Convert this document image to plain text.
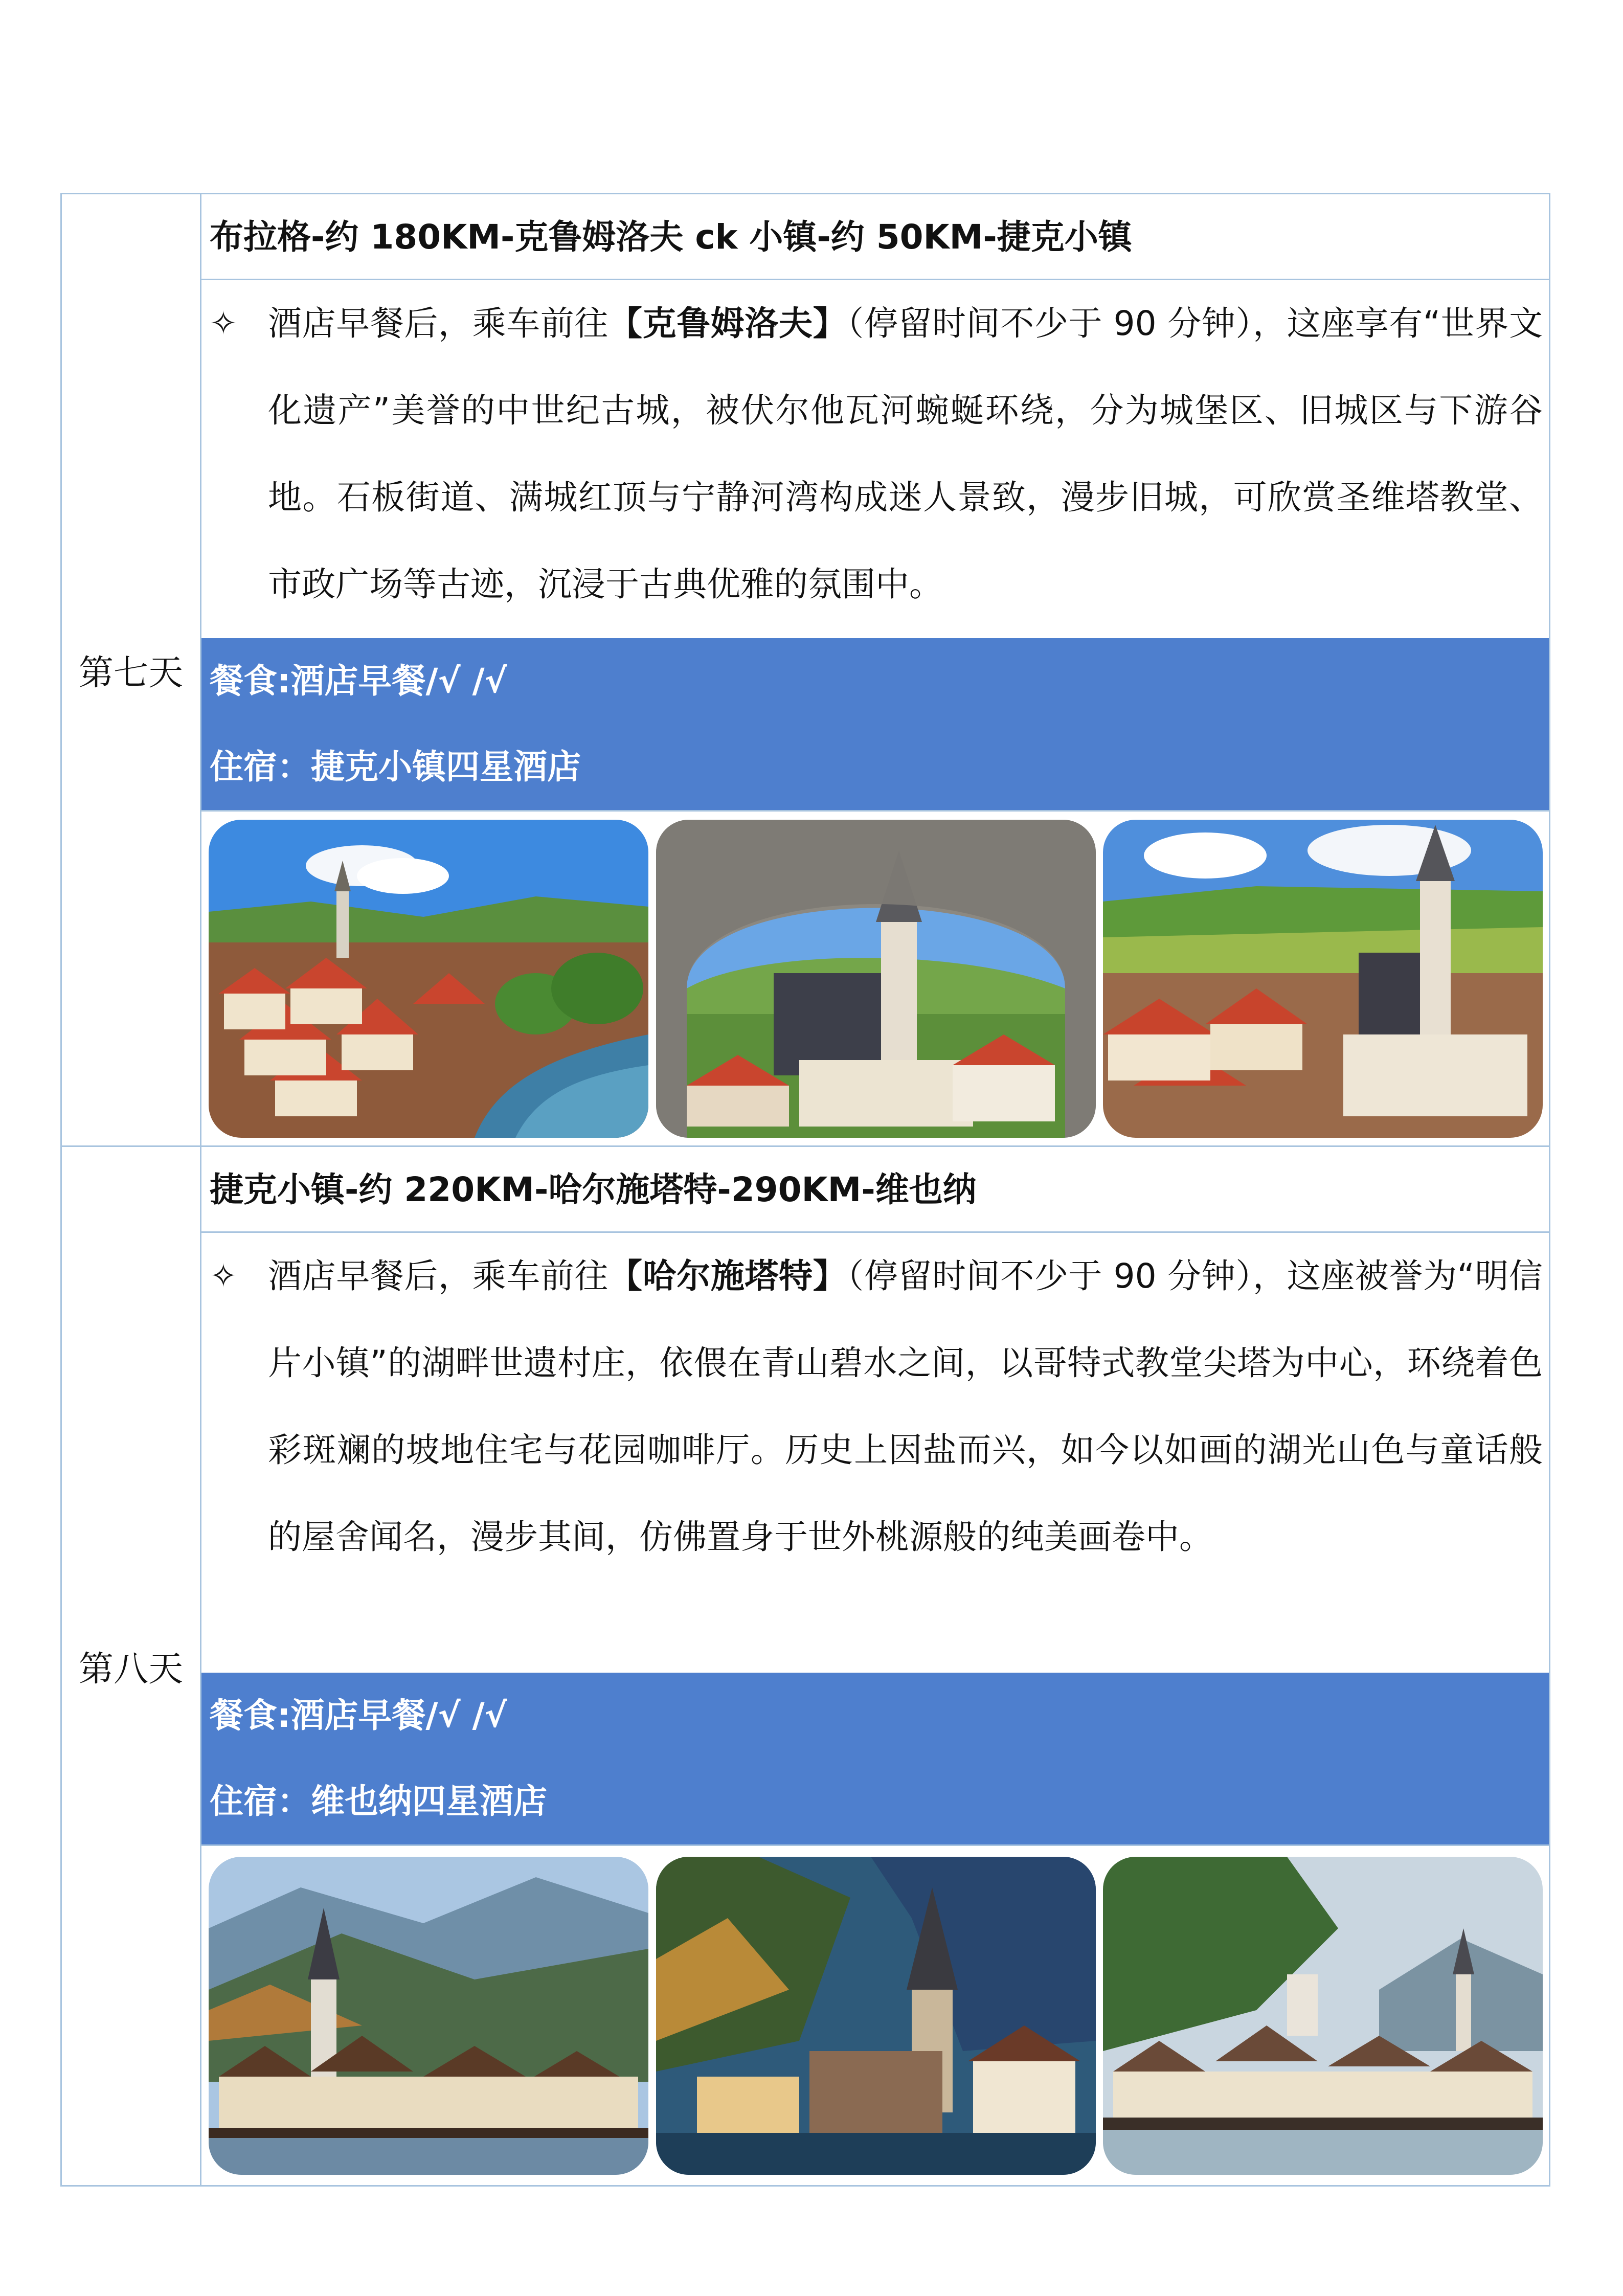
第七天
布拉格-约 180KM-克鲁姆洛夫 ck 小镇-约 50KM-捷克小镇
✧ 酒店早餐后，乘车前往【克鲁姆洛夫】（停留时间不少于 90 分钟），这座享有“世界文化遗产”美誉的中世纪古城，被伏尔他瓦河蜿蜒环绕，分为城堡区、旧城区与下游谷地。石板街道、满城红顶与宁静河湾构成迷人景致，漫步旧城，可欣赏圣维塔教堂、市政广场等古迹，沉浸于古典优雅的氛围中。
餐食:酒店早餐/√ /√
住宿：捷克小镇四星酒店
第八天
捷克小镇-约 220KM-哈尔施塔特-290KM-维也纳
✧ 酒店早餐后，乘车前往【哈尔施塔特】（停留时间不少于 90 分钟），这座被誉为“明信片小镇”的湖畔世遗村庄，依偎在青山碧水之间，以哥特式教堂尖塔为中心，环绕着色彩斑斓的坡地住宅与花园咖啡厅。历史上因盐而兴，如今以如画的湖光山色与童话般的屋舍闻名，漫步其间，仿佛置身于世外桃源般的纯美画卷中。
餐食:酒店早餐/√ /√
住宿：维也纳四星酒店
